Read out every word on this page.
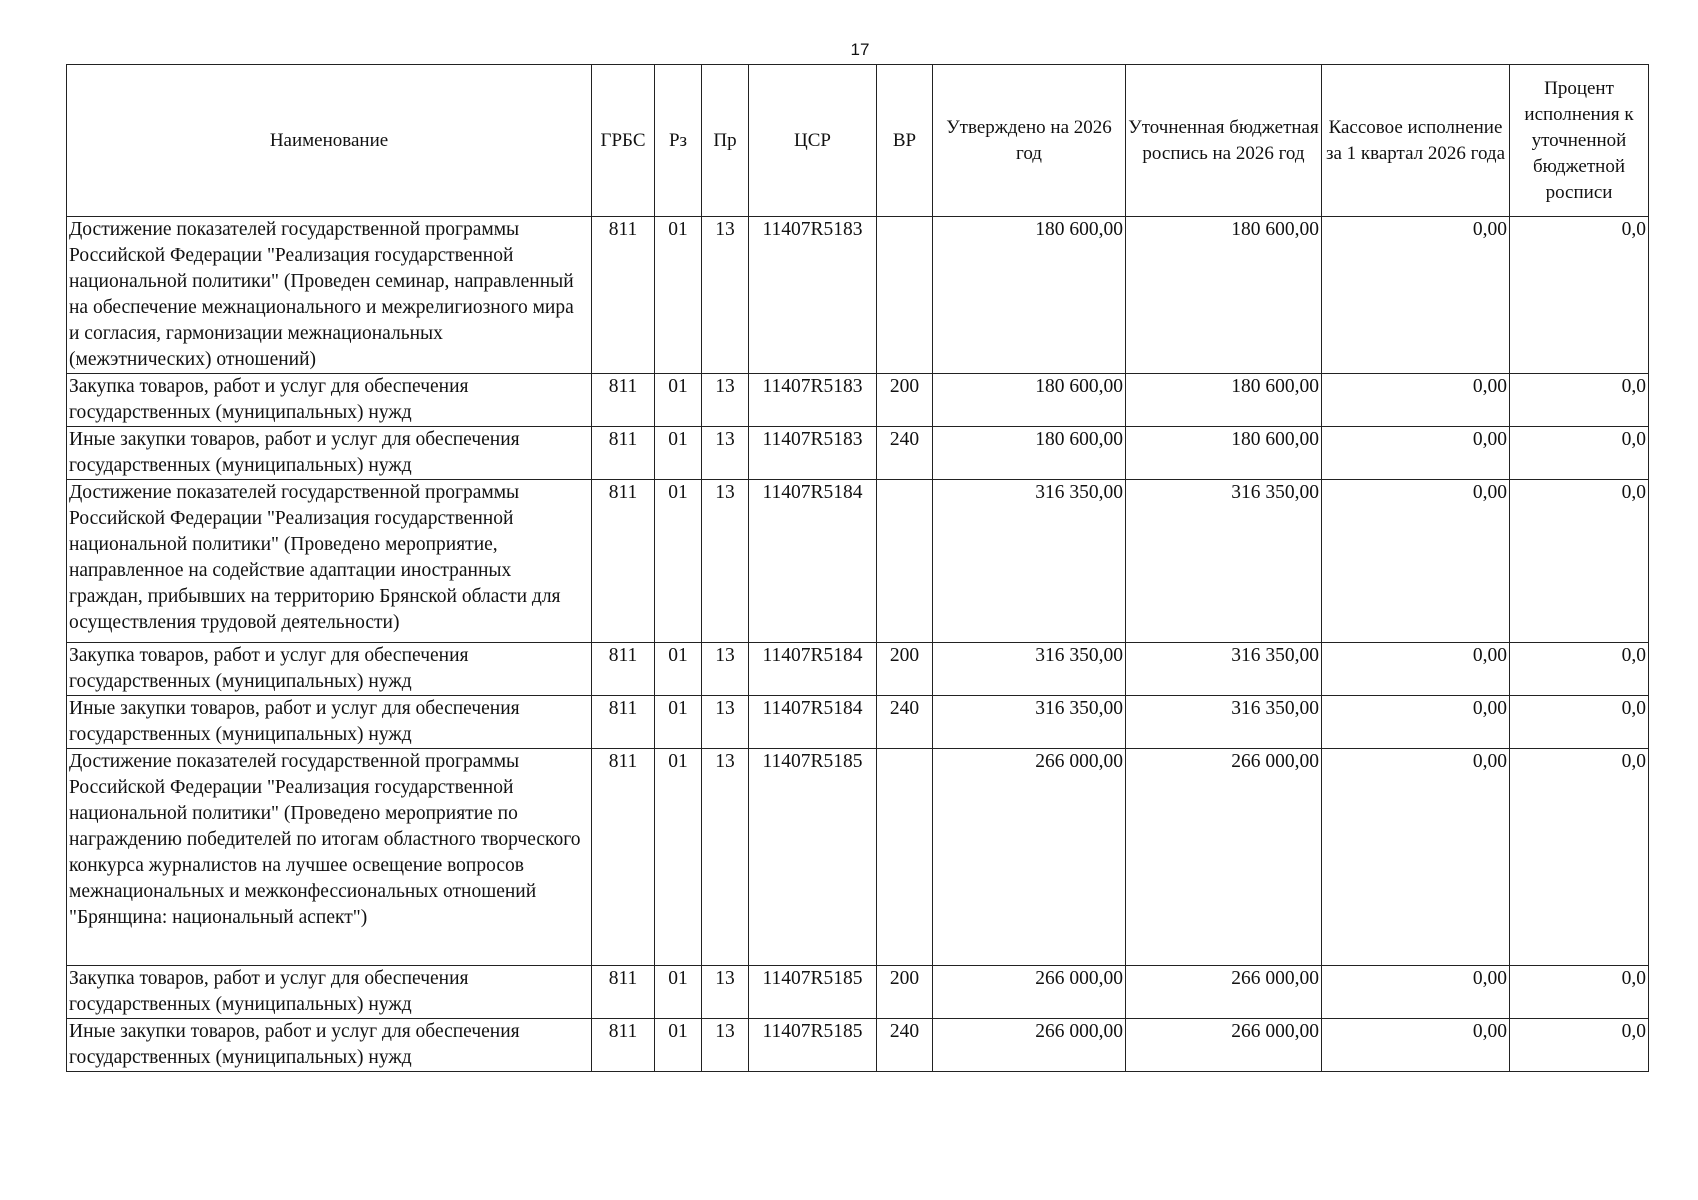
17
Наименование	ГРБС	Рз	Пр	ЦСР	ВР	Утверждено на 2026 год	Уточненная бюджетная роспись на 2026 год	Кассовое исполнение за 1 квартал 2026 года	Процент исполнения к уточненной бюджетной росписи
Достижение показателей государственной программы Российской Федерации "Реализация государственной национальной политики" (Проведен семинар, направленный на обеспечение межнационального и межрелигиозного мира и согласия, гармонизации межнациональных (межэтнических) отношений)	811	01	13	11407R5183		180 600,00	180 600,00	0,00	0,0
Закупка товаров, работ и услуг для обеспечения государственных (муниципальных) нужд	811	01	13	11407R5183	200	180 600,00	180 600,00	0,00	0,0
Иные закупки товаров, работ и услуг для обеспечения государственных (муниципальных) нужд	811	01	13	11407R5183	240	180 600,00	180 600,00	0,00	0,0
Достижение показателей государственной программы Российской Федерации "Реализация государственной национальной политики" (Проведено мероприятие, направленное на содействие адаптации иностранных граждан, прибывших на территорию Брянской области для осуществления трудовой деятельности)	811	01	13	11407R5184		316 350,00	316 350,00	0,00	0,0
Закупка товаров, работ и услуг для обеспечения государственных (муниципальных) нужд	811	01	13	11407R5184	200	316 350,00	316 350,00	0,00	0,0
Иные закупки товаров, работ и услуг для обеспечения государственных (муниципальных) нужд	811	01	13	11407R5184	240	316 350,00	316 350,00	0,00	0,0
Достижение показателей государственной программы Российской Федерации "Реализация государственной национальной политики" (Проведено мероприятие по награждению победителей по итогам областного творческого конкурса журналистов на лучшее освещение вопросов межнациональных и межконфессиональных отношений "Брянщина: национальный аспект")	811	01	13	11407R5185		266 000,00	266 000,00	0,00	0,0
Закупка товаров, работ и услуг для обеспечения государственных (муниципальных) нужд	811	01	13	11407R5185	200	266 000,00	266 000,00	0,00	0,0
Иные закупки товаров, работ и услуг для обеспечения государственных (муниципальных) нужд	811	01	13	11407R5185	240	266 000,00	266 000,00	0,00	0,0
